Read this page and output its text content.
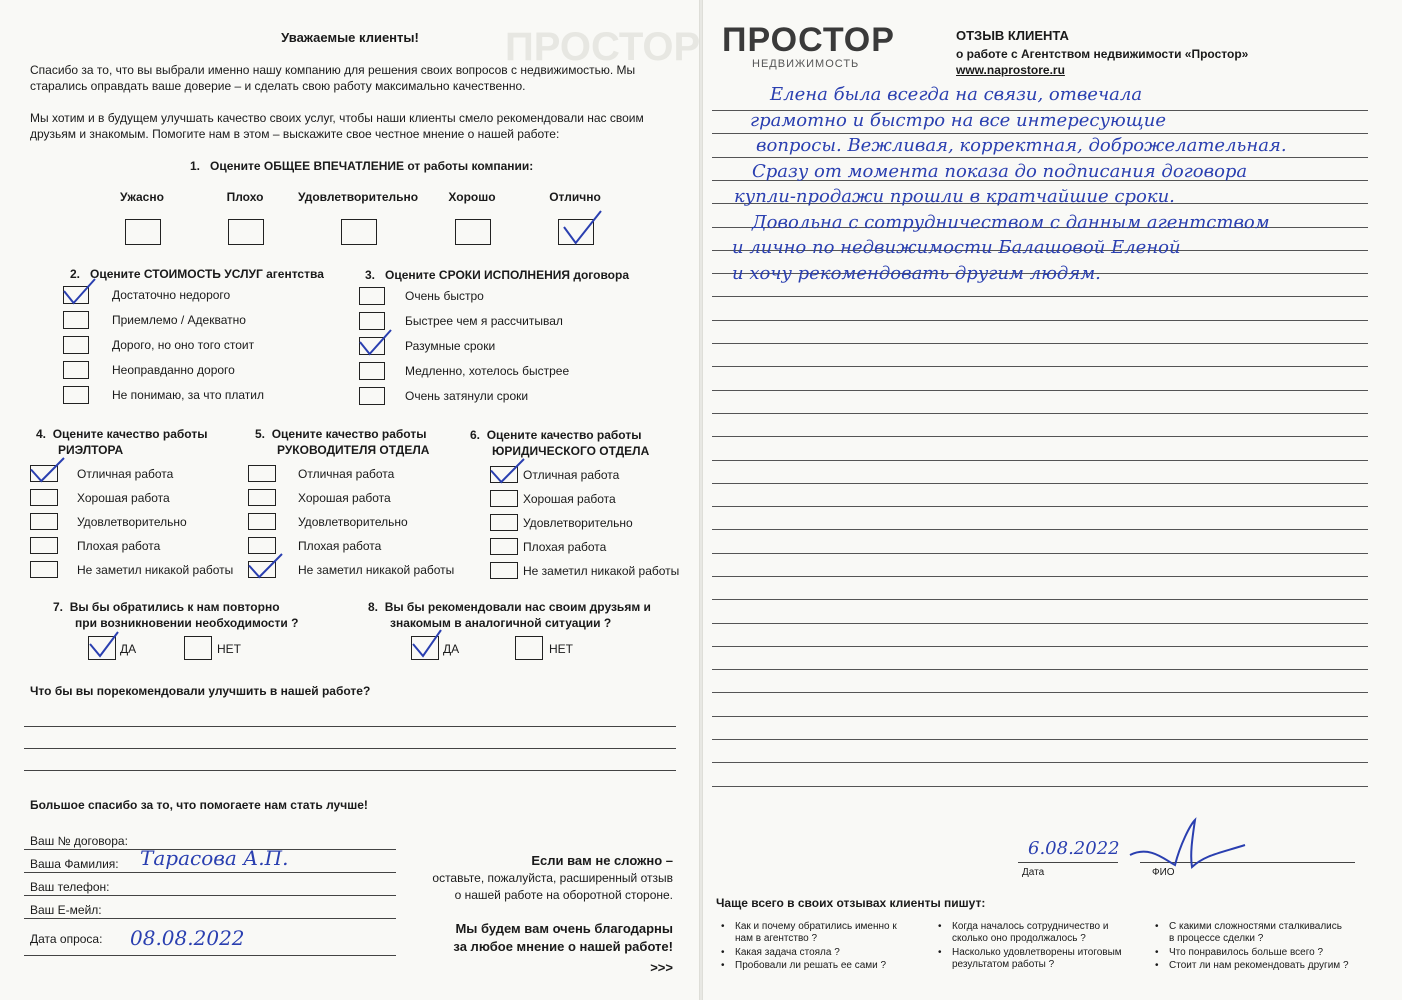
ПРОСТОР
Уважаемые клиенты!
Спасибо за то, что вы выбрали именно нашу компанию для решения своих вопросов с недвижимостью. Мы старались оправдать ваше доверие – и сделать свою работу максимально качественно.
Мы хотим и в будущем улучшать качество своих услуг, чтобы наши клиенты смело рекомендовали нас своим друзьям и знакомым. Помогите нам в этом – выскажите свое честное мнение о нашей работе:
1. Оцените ОБЩЕЕ ВПЕЧАТЛЕНИЕ от работы компании:
2. Оцените СТОИМОСТЬ УСЛУГ агентства	3. Оцените СРОКИ ИСПОЛНЕНИЯ договора
4. Оцените качество работы
РИЭЛТОРА
5. Оцените качество работы
РУКОВОДИТЕЛЯ ОТДЕЛА
6. Оцените качество работы
ЮРИДИЧЕСКОГО ОТДЕЛА
7. Вы бы обратились к нам повторно
при возникновении необходимости ?
ДА	НЕТ
8. Вы бы рекомендовали нас своим друзьям и
знакомым в аналогичной ситуации ?
ДА	НЕТ
Что бы вы порекомендовали улучшить в нашей работе?
Большое спасибо за то, что помогаете нам стать лучше!
Ваш № договора:
Ваша Фамилия: Тарасова А.П.
Ваш телефон:
Ваш E-мейл:
Дата опроса: 08.08.2022
Если вам не сложно –
оставьте, пожалуйста, расширенный отзыв
о нашей работе на оборотной стороне.
Мы будем вам очень благодарны
за любое мнение о нашей работе!
>>>
ПРОСТОР
НЕДВИЖИМОСТЬ
ОТЗЫВ КЛИЕНТА
о работе с Агентством недвижимости «Простор»
www.naprostore.ru
6.08.2022
Дата	ФИО
Чаще всего в своих отзывах клиенты пишут:
Ужасно	Плохо	Удовлетворительно	Хорошо	Отлично
Достаточно недорого
Приемлемо / Адекватно
Дорого, но оно того стоит
Неоправданно дорого
Не понимаю, за что платил
Очень быстро
Быстрее чем я рассчитывал
Разумные сроки
Медленно, хотелось быстрее
Очень затянули сроки
Отличная работа
Хорошая работа
Удовлетворительно
Плохая работа
Не заметил никакой работы
Отличная работа
Хорошая работа
Удовлетворительно
Плохая работа
Не заметил никакой работы
Отличная работа
Хорошая работа
Удовлетворительно
Плохая работа
Не заметил никакой работы
Елена была всегда на связи, отвечала
грамотно и быстро на все интересующие
вопросы. Вежливая, корректная, доброжелательная.
Сразу от момента показа до подписания договора
купли-продажи прошли в кратчайшие сроки.
Довольна с сотрудничеством с данным агентством
и лично по недвижимости Балашовой Еленой
и хочу рекомендовать другим людям.
• Как и почему обратились именно к нам в агентство ?
• Какая задача стояла ?
• Пробовали ли решать ее сами ?
• Когда началось сотрудничество и сколько оно продолжалось ?
• Насколько удовлетворены итоговым результатом работы ?
• С какими сложностями сталкивались в процессе сделки ?
• Что понравилось больше всего ?
• Стоит ли нам рекомендовать другим ?
